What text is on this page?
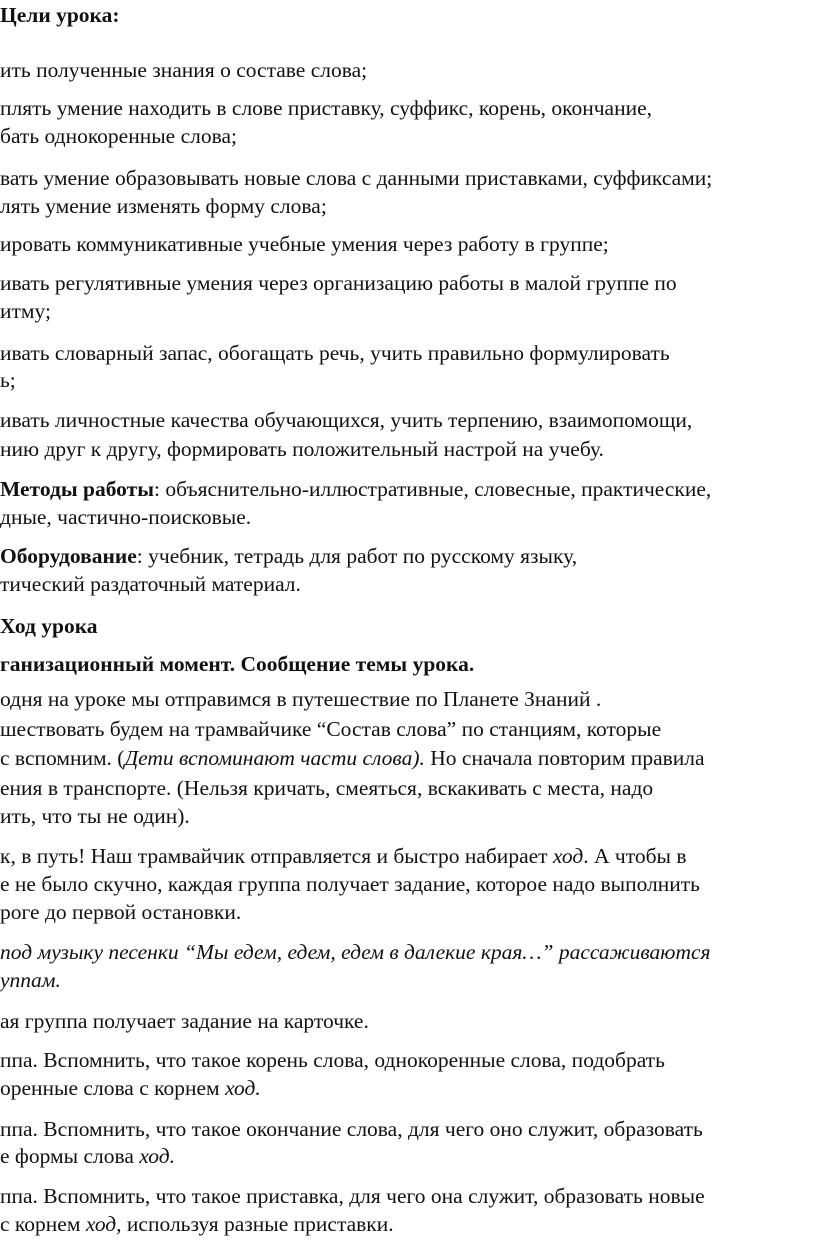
Цели урока:
ить полученные знания о составе слова;
плять умение находить в слове приставку, суффикс, корень, окончание,
бать однокоренные слова;
вать умение образовывать новые слова с данными приставками, суффиксами;
лять умение изменять форму слова;
ировать коммуникативные учебные умения через работу в группе;
ивать регулятивные умения через организацию работы в малой группе по
итму;
ивать словарный запас, обогащать речь, учить правильно формулировать
ь;
ивать личностные качества обучающихся, учить терпению, взаимопомощи,
нию друг к другу, формировать положительный настрой на учебу.
Методы работы: объяснительно-иллюстративные, словесные, практические,
дные, частично-поисковые.
Оборудование: учебник, тетрадь для работ по русскому языку,
тический раздаточный материал.
Ход урока
ганизационный момент. Сообщение темы урока.
одня на уроке мы отправимся в путешествие по Планете Знаний .
шествовать будем на трамвайчике “Состав слова” по станциям, которые
с вспомним. (Дети вспоминают части слова). Но сначала повторим правила
ения в транспорте. (Нельзя кричать, смеяться, вскакивать с места, надо
ить, что ты не один).
к, в путь! Наш трамвайчик отправляется и быстро набирает ход. А чтобы в
е не было скучно, каждая группа получает задание, которое надо выполнить
роге до первой остановки.
под музыку песенки “Мы едем, едем, едем в далекие края…” рассаживаются
уппам.
ая группа получает задание на карточке.
ппа. Вспомнить, что такое корень слова, однокоренные слова, подобрать
оренные слова с корнем ход.
ппа. Вспомнить, что такое окончание слова, для чего оно служит, образовать
е формы слова ход.
ппа. Вспомнить, что такое приставка, для чего она служит, образовать новые
с корнем ход, используя разные приставки.
